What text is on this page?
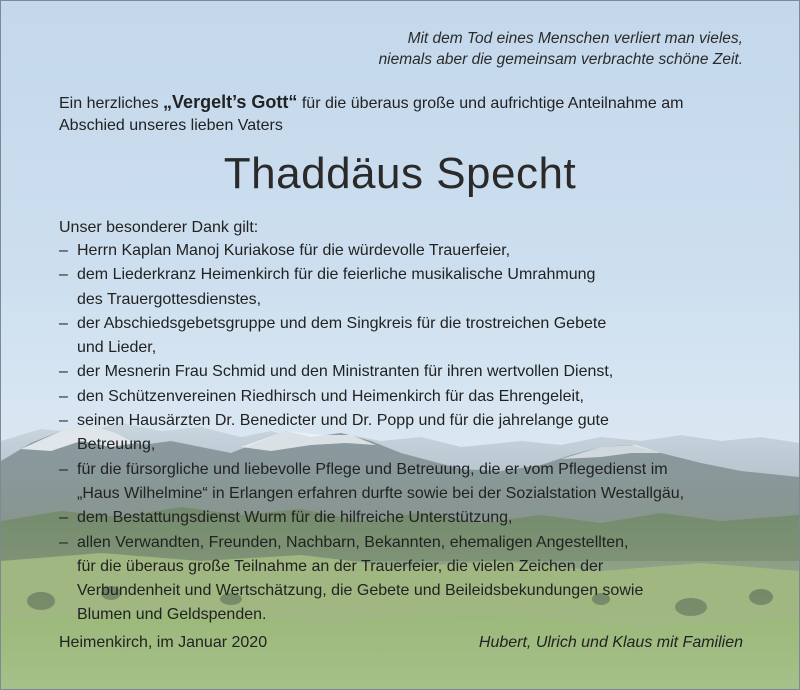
Mit dem Tod eines Menschen verliert man vieles,
niemals aber die gemeinsam verbrachte schöne Zeit.
Ein herzliches „Vergelt’s Gott“ für die überaus große und aufrichtige Anteilnahme am Abschied unseres lieben Vaters
Thaddäus Specht
Unser besonderer Dank gilt:
– Herrn Kaplan Manoj Kuriakose für die würdevolle Trauerfeier,
– dem Liederkranz Heimenkirch für die feierliche musikalische Umrahmung
des Trauergottesdienstes,
– der Abschiedsgebetsgruppe und dem Singkreis für die trostreichen Gebete
und Lieder,
– der Mesnerin Frau Schmid und den Ministranten für ihren wertvollen Dienst,
– den Schützenvereinen Riedhirsch und Heimenkirch für das Ehrengeleit,
– seinen Hausärzten Dr. Benedicter und Dr. Popp und für die jahrelange gute
Betreuung,
– für die fürsorgliche und liebevolle Pflege und Betreuung, die er vom Pflegedienst im
„Haus Wilhelmine“ in Erlangen erfahren durfte sowie bei der Sozialstation Westallgäu,
– dem Bestattungsdienst Wurm für die hilfreiche Unterstützung,
– allen Verwandten, Freunden, Nachbarn, Bekannten, ehemaligen Angestellten,
für die überaus große Teilnahme an der Trauerfeier, die vielen Zeichen der
Verbundenheit und Wertschätzung, die Gebete und Beileidsbekundungen sowie
Blumen und Geldspenden.
Heimenkirch, im Januar 2020	Hubert, Ulrich und Klaus mit Familien
